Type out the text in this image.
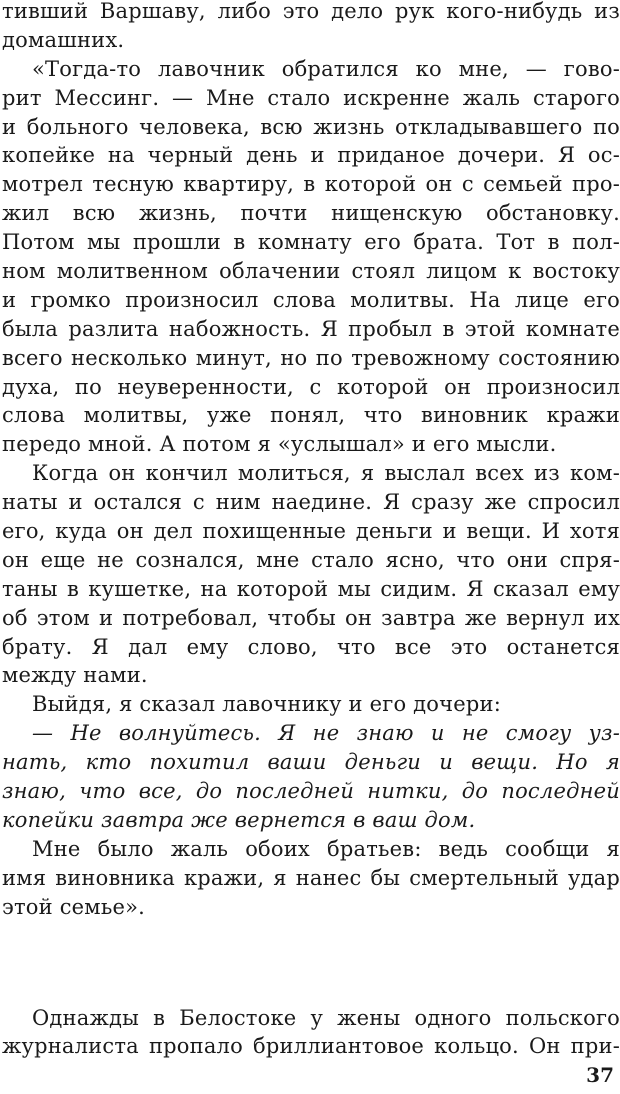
тивший Варшаву, либо это дело рук кого-нибудь из
домашних.
«Тогда-то лавочник обратился ко мне, — гово-
рит Мессинг. — Мне стало искренне жаль старого
и больного человека, всю жизнь откладывавшего по
копейке на черный день и приданое дочери. Я ос-
мотрел тесную квартиру, в которой он с семьей про-
жил всю жизнь, почти нищенскую обстановку.
Потом мы прошли в комнату его брата. Тот в пол-
ном молитвенном облачении стоял лицом к востоку
и громко произносил слова молитвы. На лице его
была разлита набожность. Я пробыл в этой комнате
всего несколько минут, но по тревожному состоянию
духа, по неуверенности, с которой он произносил
слова молитвы, уже понял, что виновник кражи
передо мной. А потом я «услышал» и его мысли.
Когда он кончил молиться, я выслал всех из ком-
наты и остался с ним наедине. Я сразу же спросил
его, куда он дел похищенные деньги и вещи. И хотя
он еще не сознался, мне стало ясно, что они спря-
таны в кушетке, на которой мы сидим. Я сказал ему
об этом и потребовал, чтобы он завтра же вернул их
брату. Я дал ему слово, что все это останется
между нами.
Выйдя, я сказал лавочнику и его дочери:
— Не волнуйтесь. Я не знаю и не смогу уз-
нать, кто похитил ваши деньги и вещи. Но я
знаю, что все, до последней нитки, до последней
копейки завтра же вернется в ваш дом.
Мне было жаль обоих братьев: ведь сообщи я
имя виновника кражи, я нанес бы смертельный удар
этой семье».
Однажды в Белостоке у жены одного польского
журналиста пропало бриллиантовое кольцо. Он при-
37
